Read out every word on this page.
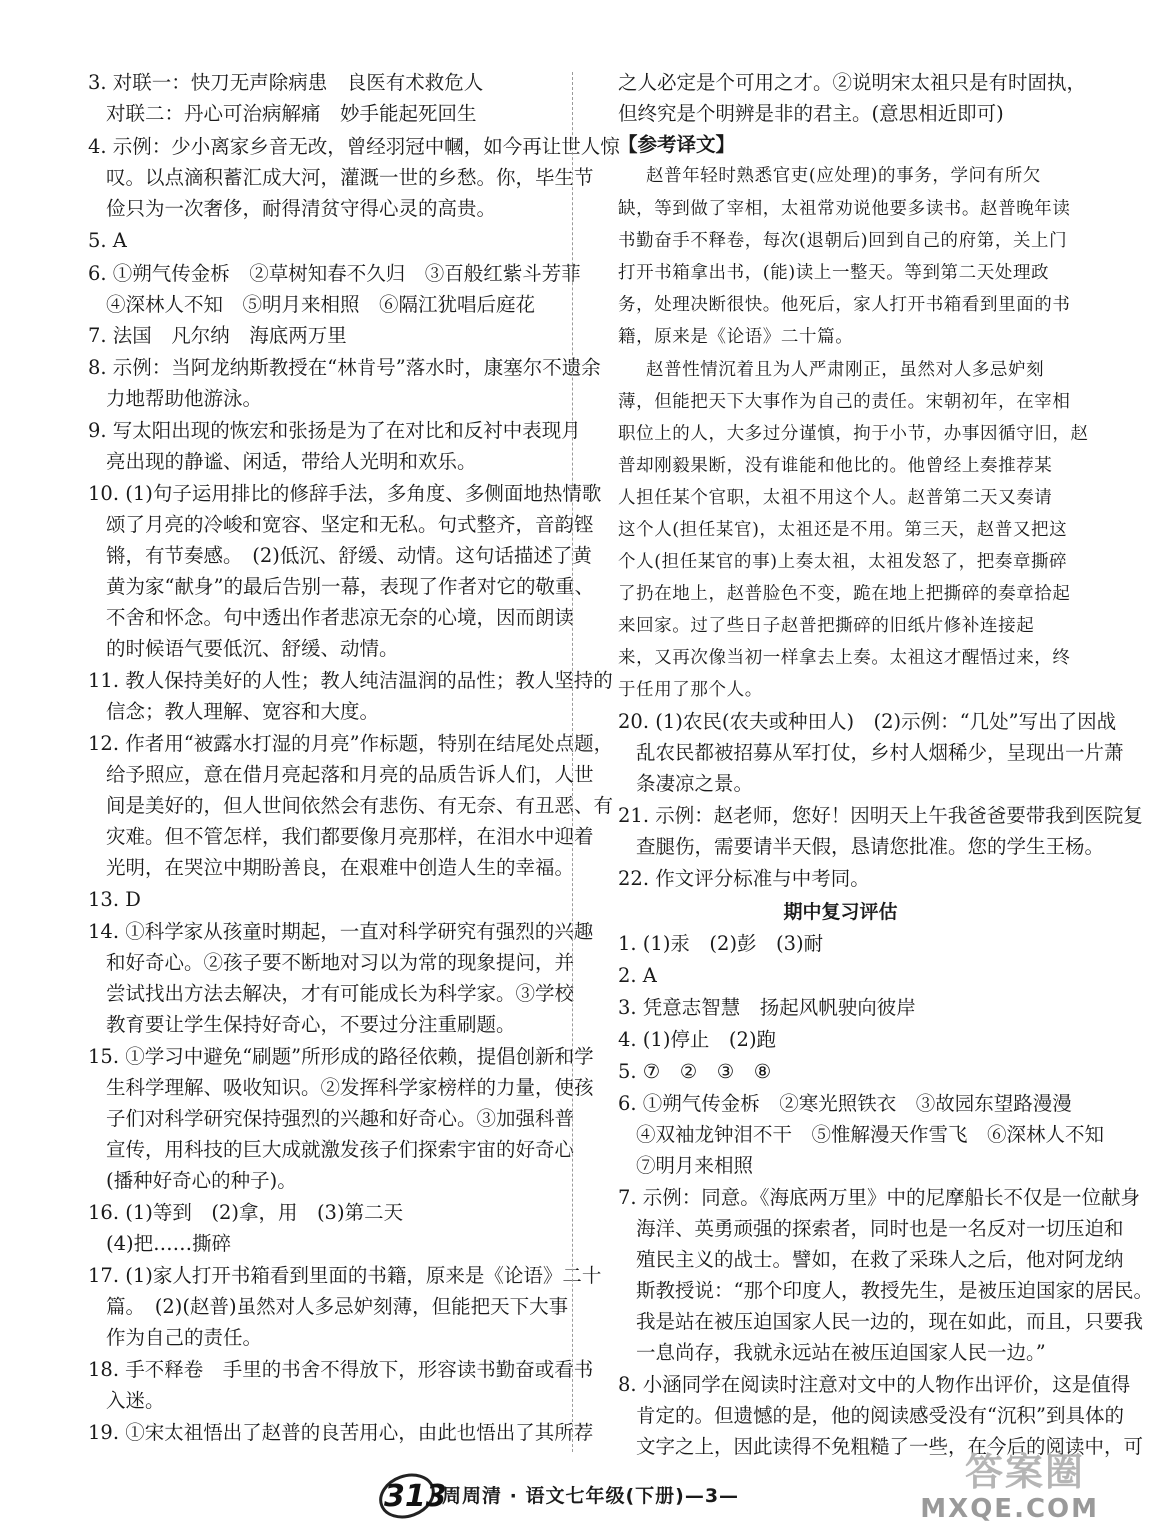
3. 对联一：快刀无声除病患　良医有术救危人
对联二：丹心可治病解痛　妙手能起死回生
4. 示例：少小离家乡音无改，曾经羽冠中幗，如今再让世人惊
叹。以点滴积蓄汇成大河，灌溉一世的乡愁。你，毕生节
俭只为一次奢侈，耐得清贫守得心灵的高贵。
5. A
6. ①朔气传金柝　②草树知春不久归　③百般红紫斗芳菲
④深林人不知　⑤明月来相照　⑥隔江犹唱后庭花
7. 法国　凡尔纳　海底两万里
8. 示例：当阿龙纳斯教授在“林肯号”落水时，康塞尔不遗余
力地帮助他游泳。
9. 写太阳出现的恢宏和张扬是为了在对比和反衬中表现月
亮出现的静谧、闲适，带给人光明和欢乐。
10. (1)句子运用排比的修辞手法，多角度、多侧面地热情歌
颂了月亮的冷峻和宽容、坚定和无私。句式整齐，音韵铿
锵，有节奏感。　(2)低沉、舒缓、动情。这句话描述了黄
黄为家“献身”的最后告别一幕，表现了作者对它的敬重、
不舍和怀念。句中透出作者悲凉无奈的心境，因而朗读
的时候语气要低沉、舒缓、动情。
11. 教人保持美好的人性；教人纯洁温润的品性；教人坚持的
信念；教人理解、宽容和大度。
12. 作者用“被露水打湿的月亮”作标题，特别在结尾处点题，
给予照应，意在借月亮起落和月亮的品质告诉人们，人世
间是美好的，但人世间依然会有悲伤、有无奈、有丑恶、有
灾难。但不管怎样，我们都要像月亮那样，在泪水中迎着
光明，在哭泣中期盼善良，在艰难中创造人生的幸福。
13. D
14. ①科学家从孩童时期起，一直对科学研究有强烈的兴趣
和好奇心。②孩子要不断地对习以为常的现象提问，并
尝试找出方法去解决，才有可能成长为科学家。③学校
教育要让学生保持好奇心，不要过分注重刷题。
15. ①学习中避免“刷题”所形成的路径依赖，提倡创新和学
生科学理解、吸收知识。②发挥科学家榜样的力量，使孩
子们对科学研究保持强烈的兴趣和好奇心。③加强科普
宣传，用科技的巨大成就激发孩子们探索宇宙的好奇心
(播种好奇心的种子)。
16. (1)等到　(2)拿，用　(3)第二天
(4)把……撕碎
17. (1)家人打开书箱看到里面的书籍，原来是《论语》二十
篇。　(2)(赵普)虽然对人多忌妒刻薄，但能把天下大事
作为自己的责任。
18. 手不释卷　手里的书舍不得放下，形容读书勤奋或看书
入迷。
19. ①宋太祖悟出了赵普的良苦用心，由此也悟出了其所荐
之人必定是个可用之才。②说明宋太祖只是有时固执，
但终究是个明辨是非的君主。(意思相近即可)
【参考译文】
赵普年轻时熟悉官吏(应处理)的事务，学问有所欠
缺，等到做了宰相，太祖常劝说他要多读书。赵普晚年读
书勤奋手不释卷，每次(退朝后)回到自己的府第，关上门
打开书箱拿出书，(能)读上一整天。等到第二天处理政
务，处理决断很快。他死后，家人打开书箱看到里面的书
籍，原来是《论语》二十篇。
赵普性情沉着且为人严肃刚正，虽然对人多忌妒刻
薄，但能把天下大事作为自己的责任。宋朝初年，在宰相
职位上的人，大多过分谨慎，拘于小节，办事因循守旧，赵
普却刚毅果断，没有谁能和他比的。他曾经上奏推荐某
人担任某个官职，太祖不用这个人。赵普第二天又奏请
这个人(担任某官)，太祖还是不用。第三天，赵普又把这
个人(担任某官的事)上奏太祖，太祖发怒了，把奏章撕碎
了扔在地上，赵普脸色不变，跪在地上把撕碎的奏章拾起
来回家。过了些日子赵普把撕碎的旧纸片修补连接起
来，又再次像当初一样拿去上奏。太祖这才醒悟过来，终
于任用了那个人。
20. (1)农民(农夫或种田人)　(2)示例：“几处”写出了因战
乱农民都被招募从军打仗，乡村人烟稀少，呈现出一片萧
条凄凉之景。
21. 示例：赵老师，您好！因明天上午我爸爸要带我到医院复
查腿伤，需要请半天假，恳请您批准。您的学生王杨。
22. 作文评分标准与中考同。
期中复习评估
1. (1)汞　(2)彭　(3)耐
2. A
3. 凭意志智慧　扬起风帆驶向彼岸
4. (1)停止　(2)跑
5. ⑦　②　③　⑧
6. ①朔气传金柝　②寒光照铁衣　③故园东望路漫漫
④双袖龙钟泪不干　⑤惟解漫天作雪飞　⑥深林人不知
⑦明月来相照
7. 示例：同意。《海底两万里》中的尼摩船长不仅是一位献身
海洋、英勇顽强的探索者，同时也是一名反对一切压迫和
殖民主义的战士。譬如，在救了采珠人之后，他对阿龙纳
斯教授说：“那个印度人，教授先生，是被压迫国家的居民。
我是站在被压迫国家人民一边的，现在如此，而且，只要我
一息尚存，我就永远站在被压迫国家人民一边。”
8. 小涵同学在阅读时注意对文中的人物作出评价，这是值得
肯定的。但遗憾的是，他的阅读感受没有“沉积”到具体的
文字之上，因此读得不免粗糙了一些，在今后的阅读中，可
313
周周清 · 语文七年级(下册)—3—
答案圈
MXQE.COM
